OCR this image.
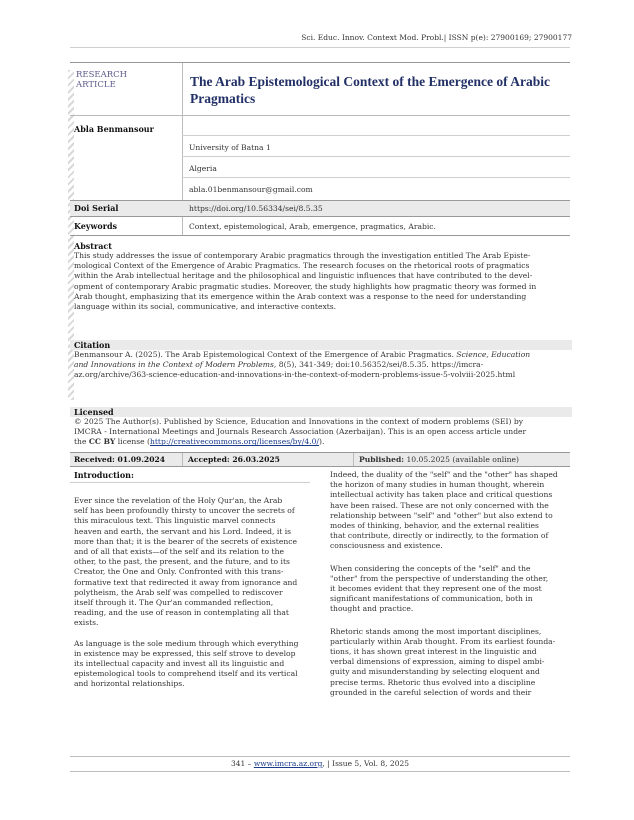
Sci. Educ. Innov. Context Mod. Probl.| ISSN p(e): 27900169; 27900177
RESEARCH
ARTICLE	The Arab Epistemological Context of the Emergence of Arabic
Pragmatics
Abla Benmansour
University of Batna 1
Algeria
abla.01benmansour@gmail.com
Doi Serial	https://doi.org/10.56334/sei/8.5.35
Keywords	Context, epistemological, Arab, emergence, pragmatics, Arabic.
Abstract
This study addresses the issue of contemporary Arabic pragmatics through the investigation entitled The Arab Episte-
mological Context of the Emergence of Arabic Pragmatics. The research focuses on the rhetorical roots of pragmatics
within the Arab intellectual heritage and the philosophical and linguistic influences that have contributed to the devel-
opment of contemporary Arabic pragmatic studies. Moreover, the study highlights how pragmatic theory was formed in
Arab thought, emphasizing that its emergence within the Arab context was a response to the need for understanding
language within its social, communicative, and interactive contexts.
Citation
Benmansour A. (2025). The Arab Epistemological Context of the Emergence of Arabic Pragmatics. Science, Education
and Innovations in the Context of Modern Problems, 8(5), 341-349; doi:10.56352/sei/8.5.35. https://imcra-
az.org/archive/363-science-education-and-innovations-in-the-context-of-modern-problems-issue-5-volviii-2025.html
Licensed
© 2025 The Author(s). Published by Science, Education and Innovations in the context of modern problems (SEI) by
IMCRA - International Meetings and Journals Research Association (Azerbaijan). This is an open access article under
the CC BY license (http://creativecommons.org/licenses/by/4.0/).
Received: 01.09.2024	Accepted: 26.03.2025	Published: 10.05.2025 (available online)
Introduction:
Ever since the revelation of the Holy Qur'an, the Arab
self has been profoundly thirsty to uncover the secrets of
this miraculous text. This linguistic marvel connects
heaven and earth, the servant and his Lord. Indeed, it is
more than that; it is the bearer of the secrets of existence
and of all that exists—of the self and its relation to the
other, to the past, the present, and the future, and to its
Creator, the One and Only. Confronted with this trans-
formative text that redirected it away from ignorance and
polytheism, the Arab self was compelled to rediscover
itself through it. The Qur'an commanded reflection,
reading, and the use of reason in contemplating all that
exists.
As language is the sole medium through which everything
in existence may be expressed, this self strove to develop
its intellectual capacity and invest all its linguistic and
epistemological tools to comprehend itself and its vertical
and horizontal relationships.
Indeed, the duality of the "self" and the "other" has shaped
the horizon of many studies in human thought, wherein
intellectual activity has taken place and critical questions
have been raised. These are not only concerned with the
relationship between "self" and "other" but also extend to
modes of thinking, behavior, and the external realities
that contribute, directly or indirectly, to the formation of
consciousness and existence.
When considering the concepts of the "self" and the
"other" from the perspective of understanding the other,
it becomes evident that they represent one of the most
significant manifestations of communication, both in
thought and practice.
Rhetoric stands among the most important disciplines,
particularly within Arab thought. From its earliest founda-
tions, it has shown great interest in the linguistic and
verbal dimensions of expression, aiming to dispel ambi-
guity and misunderstanding by selecting eloquent and
precise terms. Rhetoric thus evolved into a discipline
grounded in the careful selection of words and their
341 – www.imcra.az.org, | Issue 5, Vol. 8, 2025
